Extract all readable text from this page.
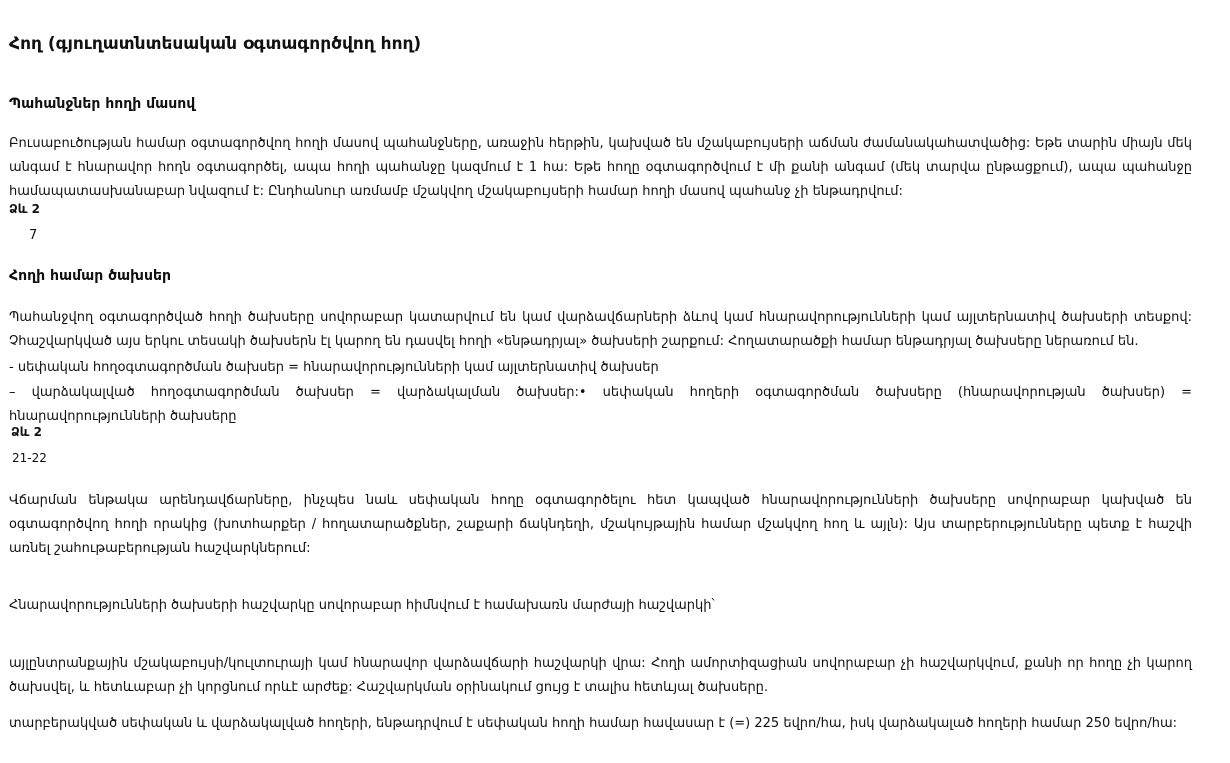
Հող (գյուղատնտեսական օգտագործվող հող)
Պահանջներ հողի մասով

Բուսաբուծության համար օգտագործվող հողի մասով պահանջները, առաջին հերթին, կախված են մշակաբույսերի աճման ժամանակահատվածից: Եթե տարին միայն մեկ անգամ է հնարավոր հողն օգտագործել, ապա հողի պահանջը կազմում է 1 հա: Եթե հողը օգտագործվում է մի քանի անգամ (մեկ տարվա ընթացքում), ապա պահանջը համապատասխանաբար նվազում է: Ընդհանուր առմամբ մշակվող մշակաբույսերի համար հողի մասով պահանջ չի ենթադրվում:

Ձև 2

7

Հողի համար ծախսեր

Պահանջվող օգտագործված հողի ծախսերը սովորաբար կատարվում են կամ վարձավճարների ձևով կամ հնարավորությունների կամ այլտերնատիվ ծախսերի տեսքով: Չհաշվարկված այս երկու տեսակի ծախսերն էլ կարող են դասվել հողի «ենթադրյալ» ծախսերի շարքում: Հողատարածքի համար ենթադրյալ ծախսերը ներառում են.

- սեփական հողօգտագործման ծախսեր = հնարավորությունների կամ այլտերնատիվ ծախսեր

– վարձակալված հողօգտագործման ծախսեր = վարձակալման ծախսեր:• սեփական հողերի օգտագործման ծախսերը (հնարավորության ծախսեր) = հնարավորությունների ծախսերը

Ձև 2

21-22

Վճարման ենթակա արենդավճարները, ինչպես նաև սեփական հողը օգտագործելու հետ կապված հնարավորությունների ծախսերը սովորաբար կախված են օգտագործվող հողի որակից (խոտհարքեր / հողատարածքներ, շաքարի ճակնդեղի, մշակույթային համար մշակվող հող և այլն): Այս տարբերությունները պետք է հաշվի առնել շահութաբերության հաշվարկներում:

Հնարավորությունների ծախսերի հաշվարկը սովորաբար հիմնվում է համախառն մարժայի հաշվարկի՝

այլընտրանքային մշակաբույսի/կուլտուրայի կամ հնարավոր վարձավճարի հաշվարկի վրա: Հողի ամորտիզացիան սովորաբար չի հաշվարկվում, քանի որ հողը չի կարող ծախսվել, և հետևաբար չի կորցնում որևէ արժեք: Հաշվարկման օրինակում ցույց է տալիս հետևյալ ծախսերը.

տարբերակված սեփական և վարձակալված հողերի, ենթադրվում է սեփական հողի համար հավասար է (=) 225 եվրո/հա, իսկ վարձակալած հողերի համար 250 եվրո/հա:
